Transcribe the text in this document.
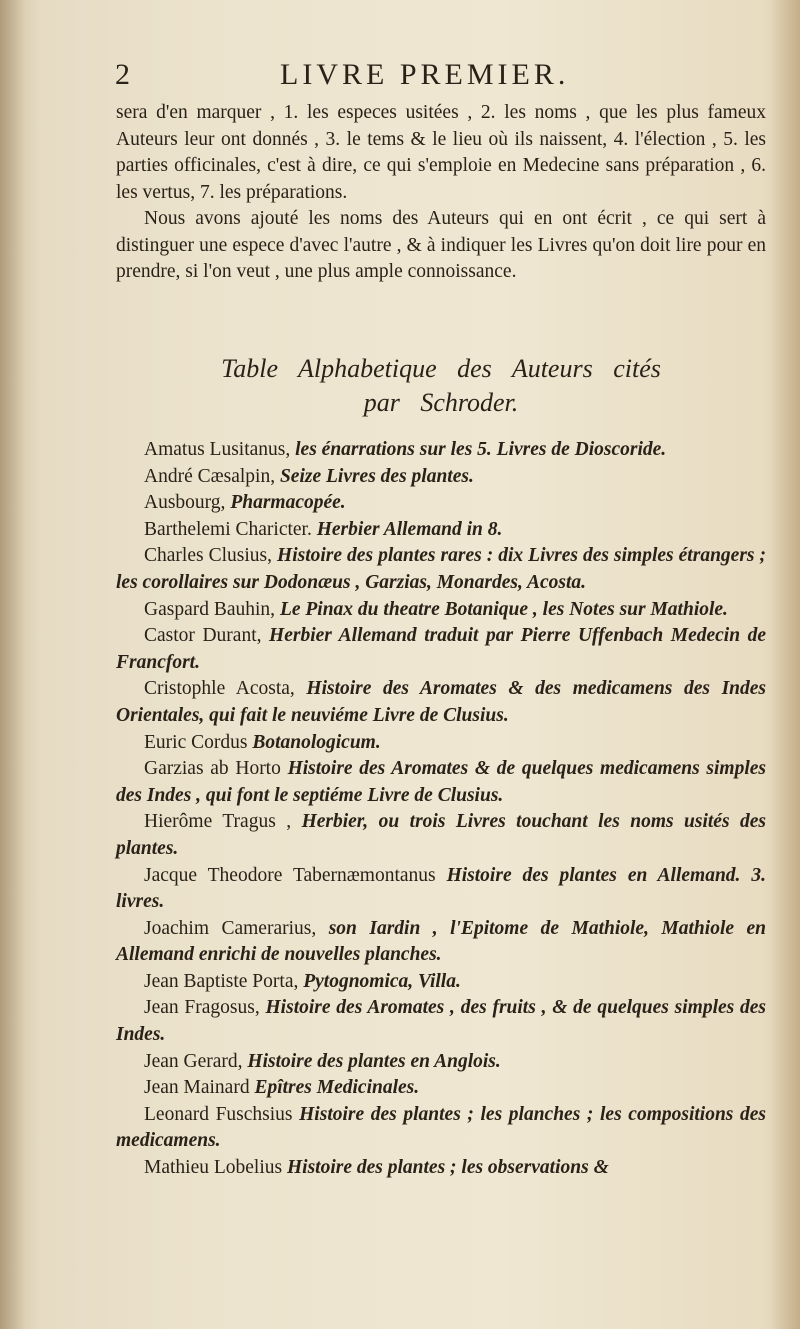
2	LIVRE PREMIER.

sera d'en marquer , 1. les especes usitées , 2. les noms , que les plus fameux Auteurs leur ont donnés , 3. le tems & le lieu où ils naissent, 4. l'élection , 5. les parties officinales, c'est à dire, ce qui s'emploie en Medecine sans préparation , 6. les vertus, 7. les préparations.

Nous avons ajouté les noms des Auteurs qui en ont écrit , ce qui sert à distinguer une espece d'avec l'autre , & à indiquer les Livres qu'on doit lire pour en prendre, si l'on veut , une plus ample connoissance.

Table Alphabetique des Auteurs cités
par Schroder.

Amatus Lusitanus, les énarrations sur les 5. Livres de Dioscoride.

André Cæsalpin, Seize Livres des plantes.

Ausbourg, Pharmacopée.

Barthelemi Charicter. Herbier Allemand in 8.

Charles Clusius, Histoire des plantes rares : dix Livres des simples étrangers ; les corollaires sur Dodonæus , Garzias, Monardes, Acosta.

Gaspard Bauhin, Le Pinax du theatre Botanique , les Notes sur Mathiole.

Castor Durant, Herbier Allemand traduit par Pierre Uffenbach Medecin de Francfort.

Cristophle Acosta, Histoire des Aromates & des medicamens des Indes Orientales, qui fait le neuviéme Livre de Clusius.

Euric Cordus Botanologicum.

Garzias ab Horto Histoire des Aromates & de quelques medicamens simples des Indes , qui font le septiéme Livre de Clusius.

Hierôme Tragus , Herbier, ou trois Livres touchant les noms usités des plantes.

Jacque Theodore Tabernæmontanus Histoire des plantes en Allemand. 3. livres.

Joachim Camerarius, son Iardin , l'Epitome de Mathiole, Mathiole en Allemand enrichi de nouvelles planches.

Jean Baptiste Porta, Pytognomica, Villa.

Jean Fragosus, Histoire des Aromates , des fruits , & de quelques simples des Indes.

Jean Gerard, Histoire des plantes en Anglois.

Jean Mainard Epîtres Medicinales.

Leonard Fuschsius Histoire des plantes ; les planches ; les compositions des medicamens.

Mathieu Lobelius Histoire des plantes ; les observations &
